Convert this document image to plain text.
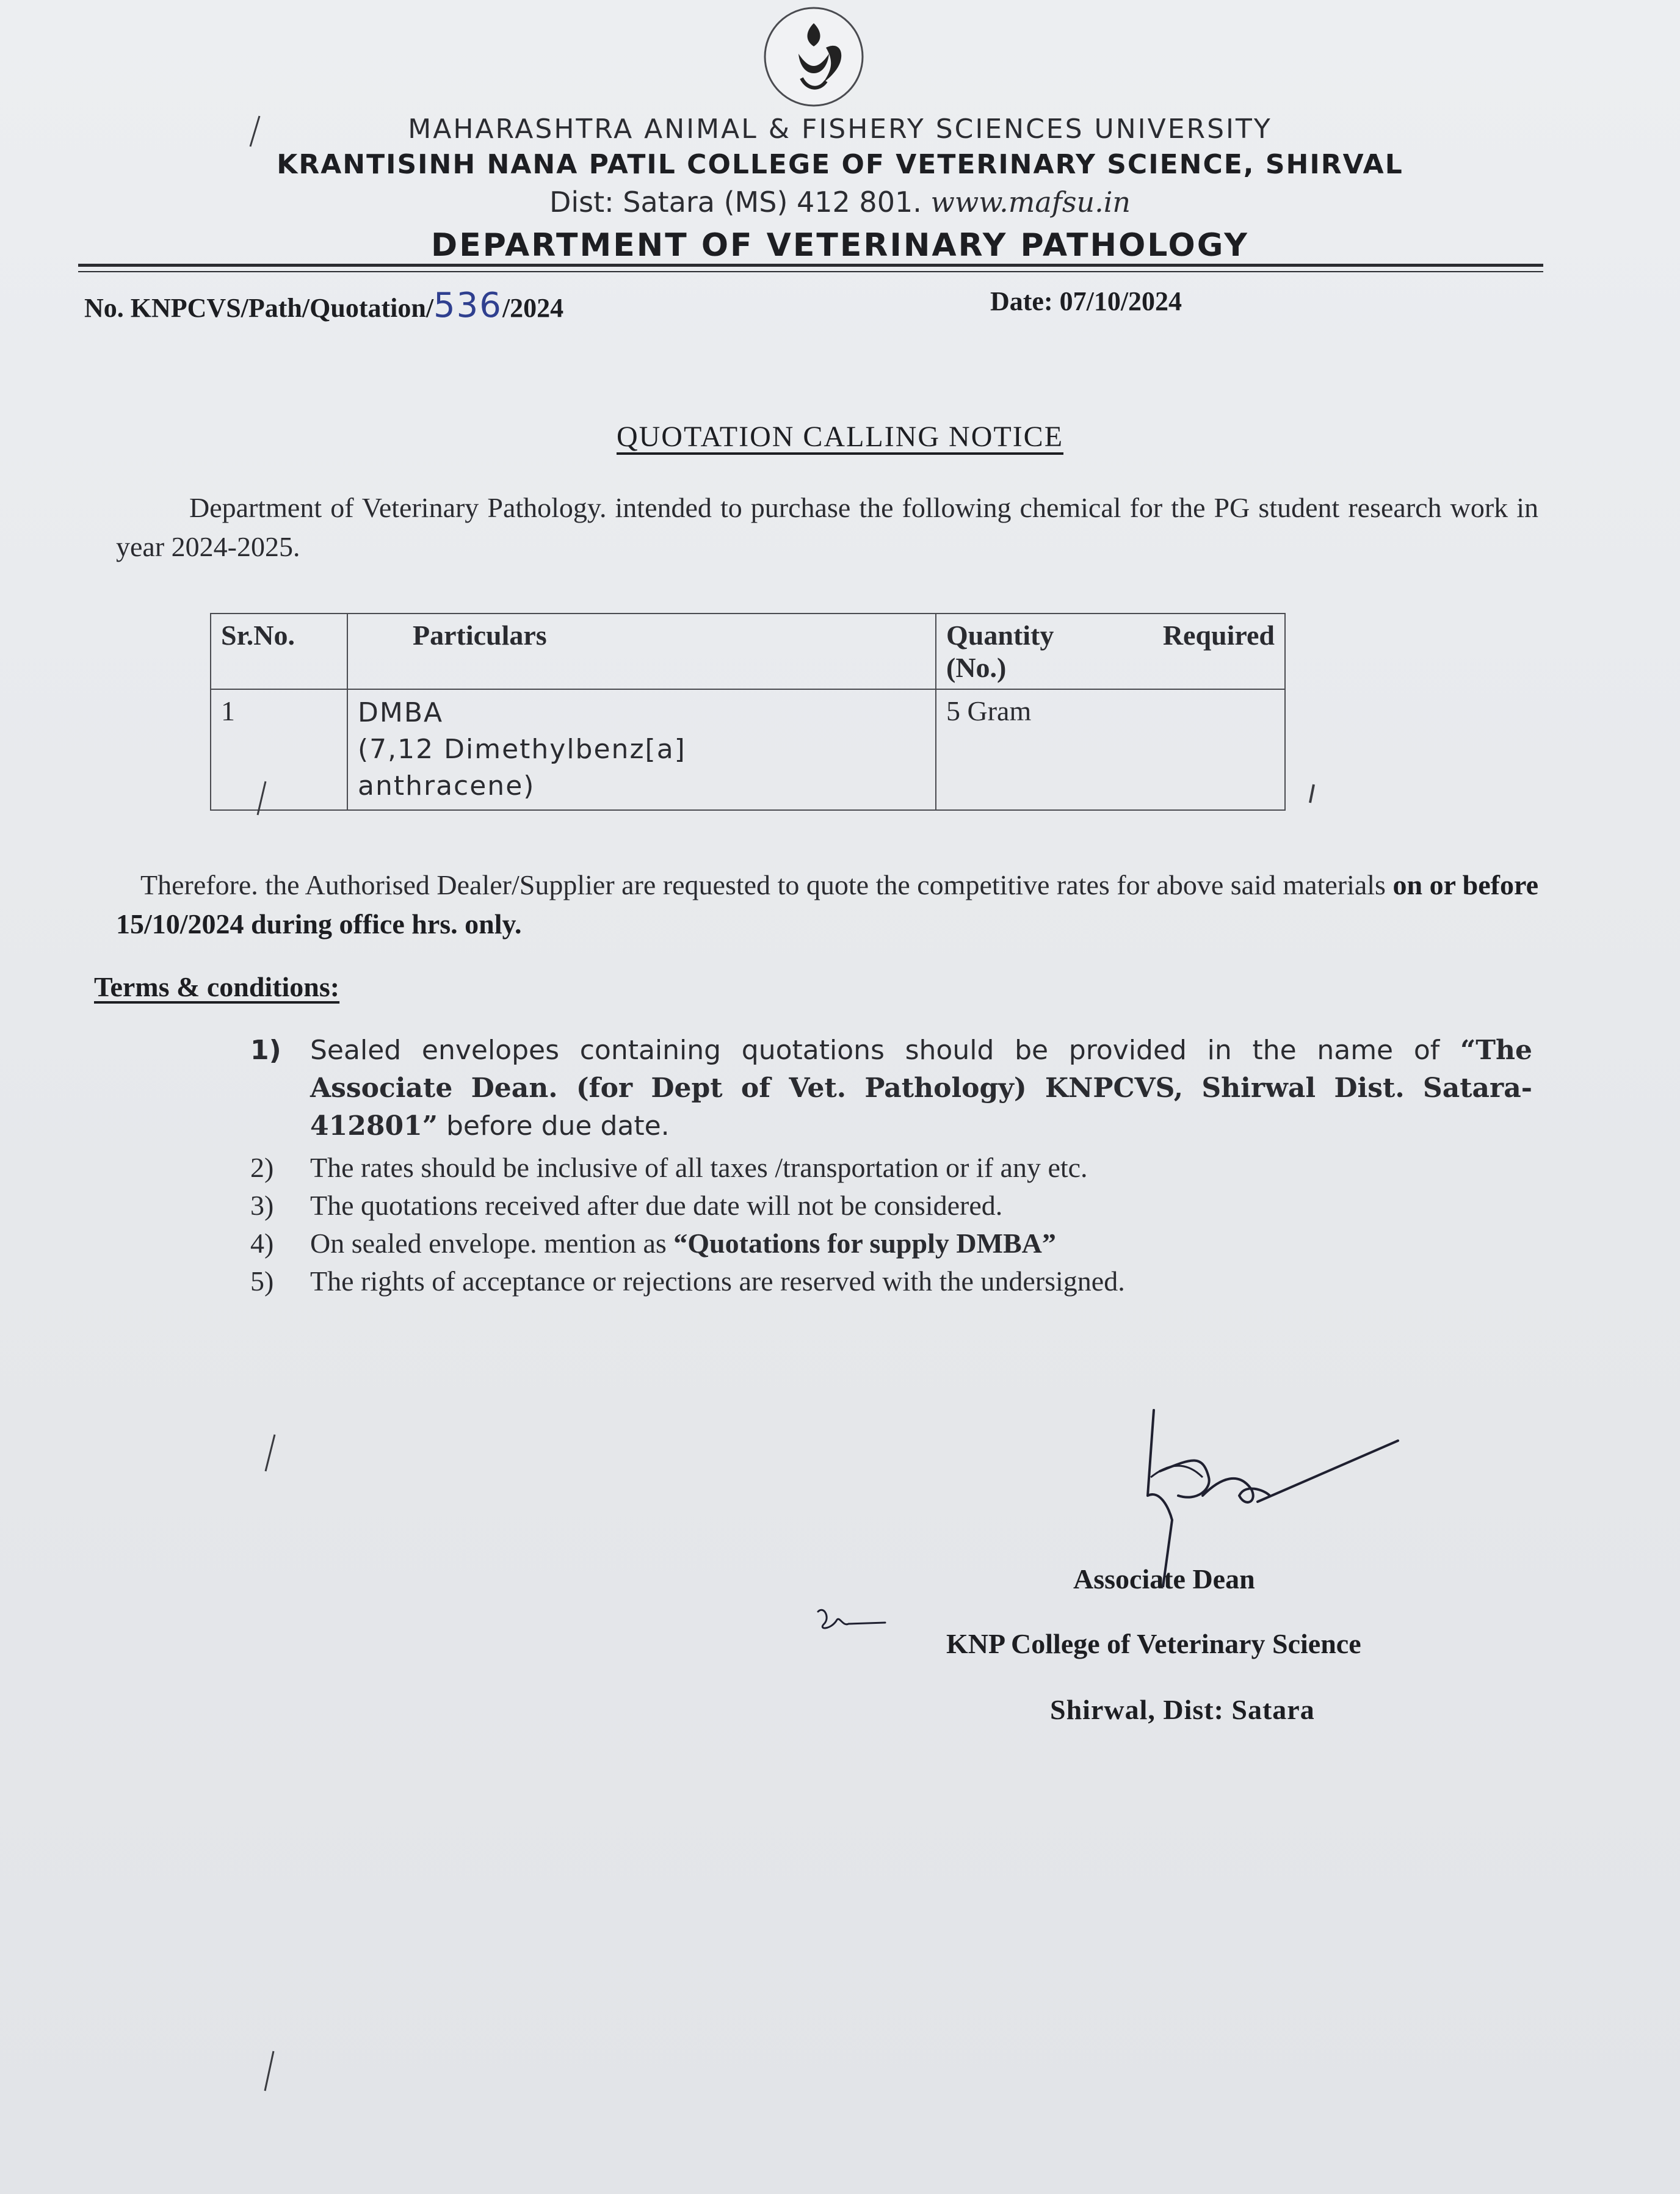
MAHARASHTRA ANIMAL & FISHERY SCIENCES UNIVERSITY
KRANTISINH NANA PATIL COLLEGE OF VETERINARY SCIENCE, SHIRVAL
Dist: Satara (MS) 412 801. www.mafsu.in
DEPARTMENT OF VETERINARY PATHOLOGY
No. KNPCVS/Path/Quotation/536/2024	Date: 07/10/2024
QUOTATION CALLING NOTICE
Department of Veterinary Pathology. intended to purchase the following chemical for the PG student research work in year 2024-2025.
Sr.No.	Particulars	Quantity Required
(No.)

1	DMBA
(7,12 Dimethylbenz[a]
anthracene)	5 Gram
Therefore. the Authorised Dealer/Supplier are requested to quote the competitive rates for above said materials on or before 15/10/2024 during office hrs. only.
Terms & conditions:
1)	Sealed envelopes containing quotations should be provided in the name of “The Associate Dean. (for Dept of Vet. Pathology) KNPCVS, Shirwal Dist. Satara-412801” before due date.
2)	The rates should be inclusive of all taxes /transportation or if any etc.
3)	The quotations received after due date will not be considered.
4)	On sealed envelope. mention as “Quotations for supply DMBA”
5)	The rights of acceptance or rejections are reserved with the undersigned.
Associate Dean
KNP College of Veterinary Science
Shirwal, Dist: Satara
